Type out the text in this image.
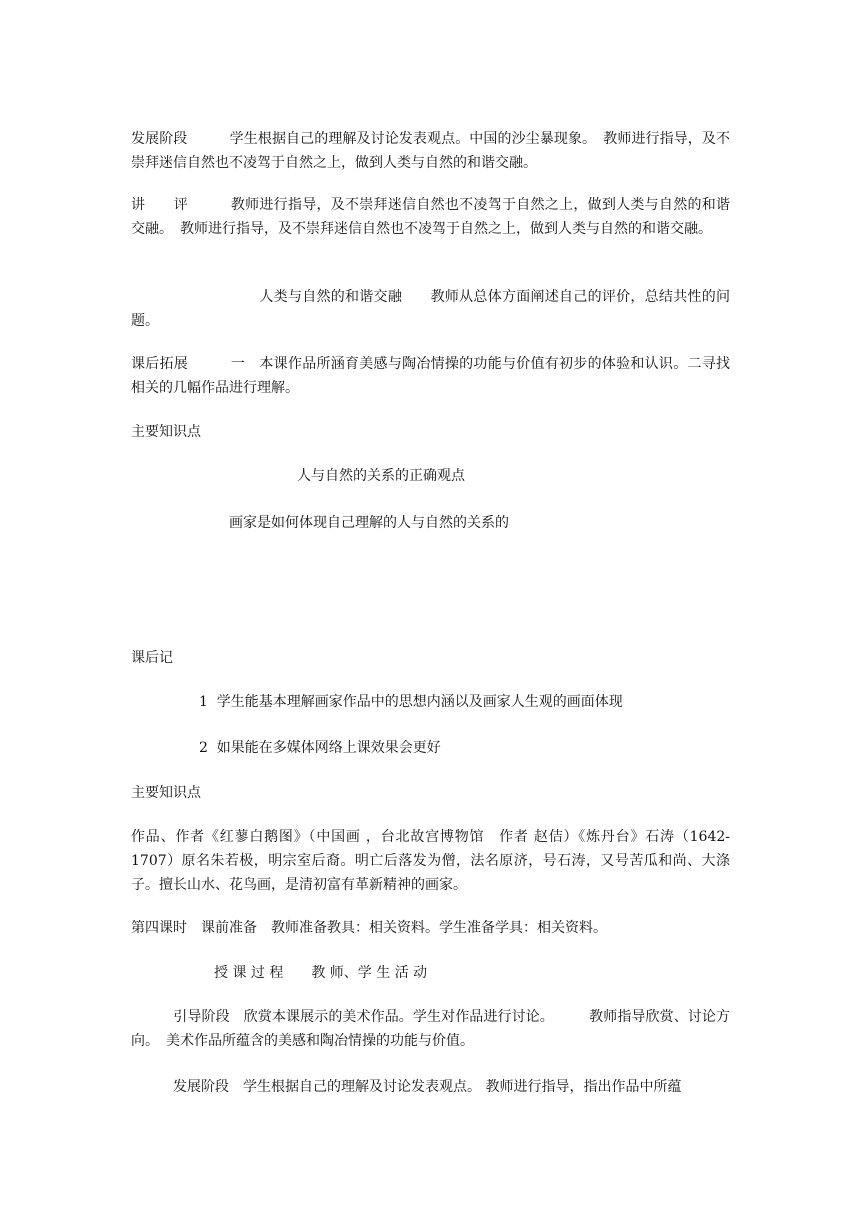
发展阶段　　　学生根据自己的理解及讨论发表观点。中国的沙尘暴现象。　教师进行指导，及不崇拜迷信自然也不凌驾于自然之上，做到人类与自然的和谐交融。
讲　　评　　　教师进行指导，及不崇拜迷信自然也不凌驾于自然之上，做到人类与自然的和谐交融。　教师进行指导，及不崇拜迷信自然也不凌驾于自然之上，做到人类与自然的和谐交融。
　　　　　　　　　人类与自然的和谐交融　　教师从总体方面阐述自己的评价，总结共性的问题。
课后拓展　　　一　本课作品所涵育美感与陶冶情操的功能与价值有初步的体验和认识。二寻找相关的几幅作品进行理解。
主要知识点
人与自然的关系的正确观点
画家是如何体现自己理解的人与自然的关系的
课后记
1  学生能基本理解画家作品中的思想内涵以及画家人生观的画面体现
2  如果能在多媒体网络上课效果会更好
主要知识点
作品、作者《红蓼白鹅图》（中国画 ，台北故宫博物馆　作者 赵佶）《炼丹台》石涛（1642-1707）原名朱若极，明宗室后裔。明亡后落发为僧，法名原济，号石涛，又号苦瓜和尚、大涤子。擅长山水、花鸟画，是清初富有革新精神的画家。
第四课时　课前准备　教师准备教具：相关资料。学生准备学具：相关资料。
授 课 过 程　　教 师、学 生 活 动
　　　引导阶段　欣赏本课展示的美术作品。学生对作品进行讨论。　　　教师指导欣赏、讨论方向。　美术作品所蕴含的美感和陶冶情操的功能与价值。
　　　发展阶段　学生根据自己的理解及讨论发表观点。 教师进行指导，指出作品中所蕴
